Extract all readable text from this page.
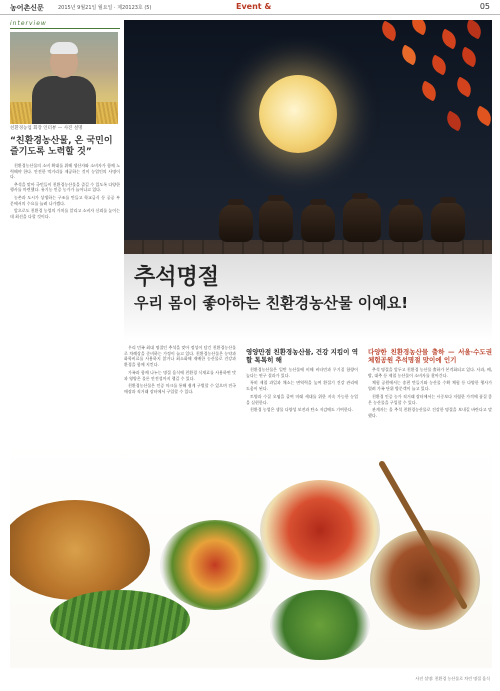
농어촌신문	2015년 9월21일 월요일 · 제20123호 (5)	Event &	05
interview
친환경농업 회장 인터뷰 — 사진 설명
“친환경농산물, 온 국민이 즐기도록 노력할 것”

친환경농산물의 소비 확대를 위해 생산자와 소비자가 함께 노력해야 한다. 안전한 먹거리를 제공하는 것이 농업인의 사명이다.

추석을 맞아 국민들이 친환경농산물을 즐길 수 있도록 다양한 행사를 마련했다. 유기농 인증 농가가 늘어나고 있다.

농촌과 도시가 상생하는 구조를 만들고 학교급식 등 공공 부문에서의 수요를 늘려 나가겠다.

앞으로도 친환경 농업의 가치를 알리고 소비자 신뢰를 높이는 데 최선을 다할 것이다.

추석명절
우리 몸이 좋아하는 친환경농산물 이예요!

우리 민족 최대 명절인 추석을 맞아 정성이 담긴 친환경농산물로 차례상을 준비하는 가정이 늘고 있다. 친환경농산물은 농약과 화학비료를 사용하지 않거나 최소화해 재배한 농산물로 건강과 환경을 함께 지킨다.

가족과 함께 나누는 명절 음식에 친환경 식재료를 사용하면 맛과 영양은 물론 안전성까지 챙길 수 있다.

친환경농산물은 인증 마크를 통해 쉽게 구별할 수 있으며 전국 매장과 직거래 장터에서 구입할 수 있다.

영양만점 친환경농산물, 건강 지킴이 역할 톡톡히 해

친환경농산물은 일반 농산물에 비해 비타민과 무기질 함량이 높다는 연구 결과가 있다.

특히 제철 과일과 채소는 면역력을 높여 환절기 건강 관리에 도움이 된다.

토양과 수질 오염을 줄여 미래 세대를 위한 지속 가능한 농업을 실현한다.

친환경 농업은 생물 다양성 보전과 탄소 저감에도 기여한다.

다양한 친환경농산물 출하 — 서울·수도권 체험공원 추석명절 맞이에 인기

추석 명절을 앞두고 친환경 농산물 출하가 본격화되고 있다. 사과, 배, 밤, 대추 등 제철 농산물이 소비자를 찾아간다.

체험 공원에서는 송편 만들기와 농산물 수확 체험 등 다양한 행사가 열려 가족 단위 방문객이 늘고 있다.

친환경 인증 농가 직거래 장터에서는 시중보다 저렴한 가격에 품질 좋은 농산물을 구입할 수 있다.

관계자는 올 추석 친환경농산물로 건강한 명절을 보내길 바란다고 말했다.

사진 설명: 친환경 농산물로 차린 명절 음식
